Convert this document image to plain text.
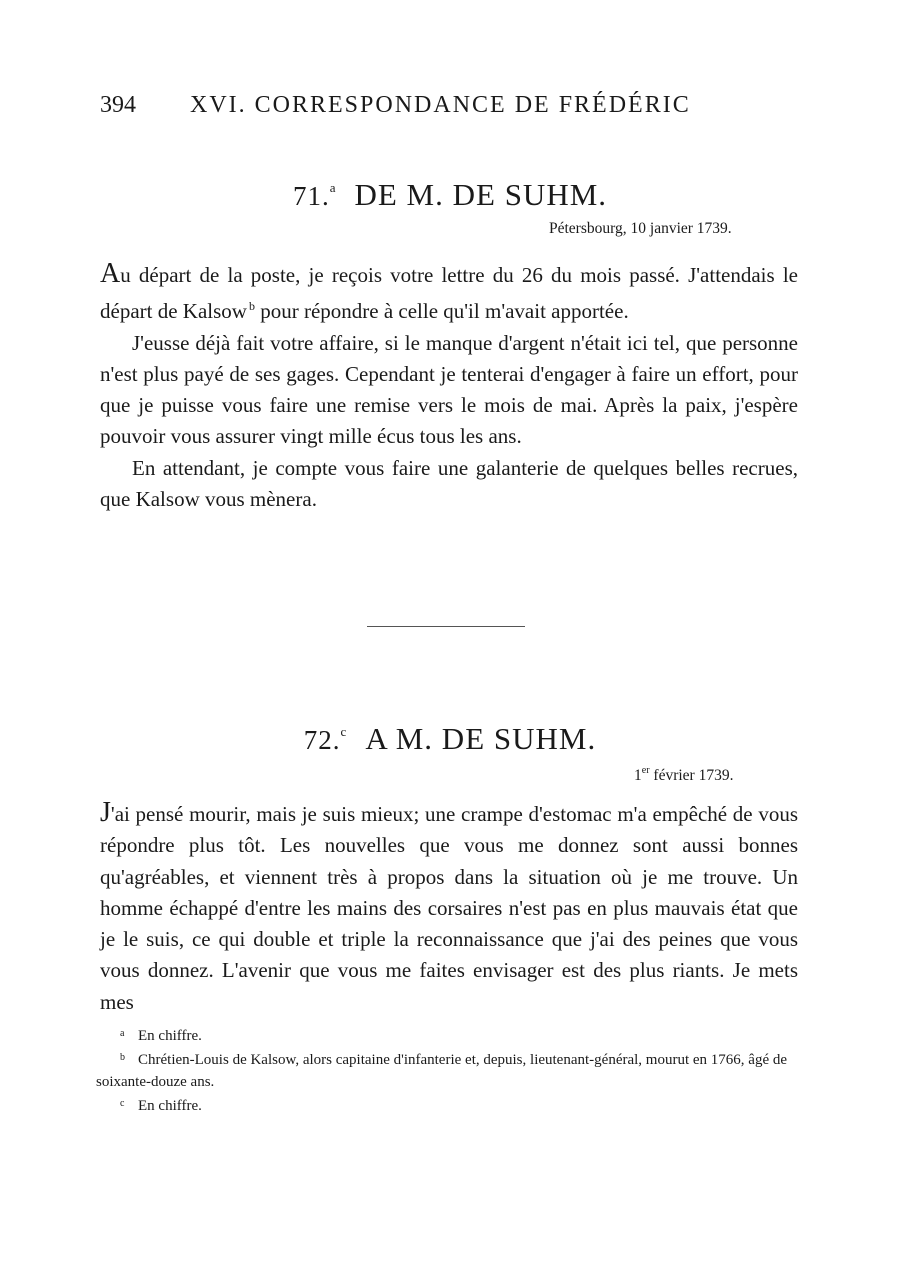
394 XVI. CORRESPONDANCE DE FRÉDÉRIC
71.$^a$ DE M. DE SUHM.
Pétersbourg, 10 janvier 1739.

Au départ de la poste, je reçois votre lettre du 26 du mois passé. J'attendais le départ de Kalsow $^b$ pour répondre à celle qu'il m'avait apportée.

J'eusse déjà fait votre affaire, si le manque d'argent n'était ici tel, que personne n'est plus payé de ses gages. Cependant je tenterai d'engager à faire un effort, pour que je puisse vous faire une remise vers le mois de mai. Après la paix, j'espère pouvoir vous assurer vingt mille écus tous les ans.

En attendant, je compte vous faire une galanterie de quelques belles recrues, que Kalsow vous mènera.

72.$^c$ A M. DE SUHM.
1er février 1739.

J'ai pensé mourir, mais je suis mieux; une crampe d'estomac m'a empêché de vous répondre plus tôt. Les nouvelles que vous me donnez sont aussi bonnes qu'agréables, et viennent très à propos dans la situation où je me trouve. Un homme échappé d'entre les mains des corsaires n'est pas en plus mauvais état que je le suis, ce qui double et triple la reconnaissance que j'ai des peines que vous vous donnez. L'avenir que vous me faites envisager est des plus riants. Je mets mes

a En chiffre.

b Chrétien-Louis de Kalsow, alors capitaine d'infanterie et, depuis, lieutenant-général, mourut en 1766, âgé de soixante-douze ans.

c En chiffre.
